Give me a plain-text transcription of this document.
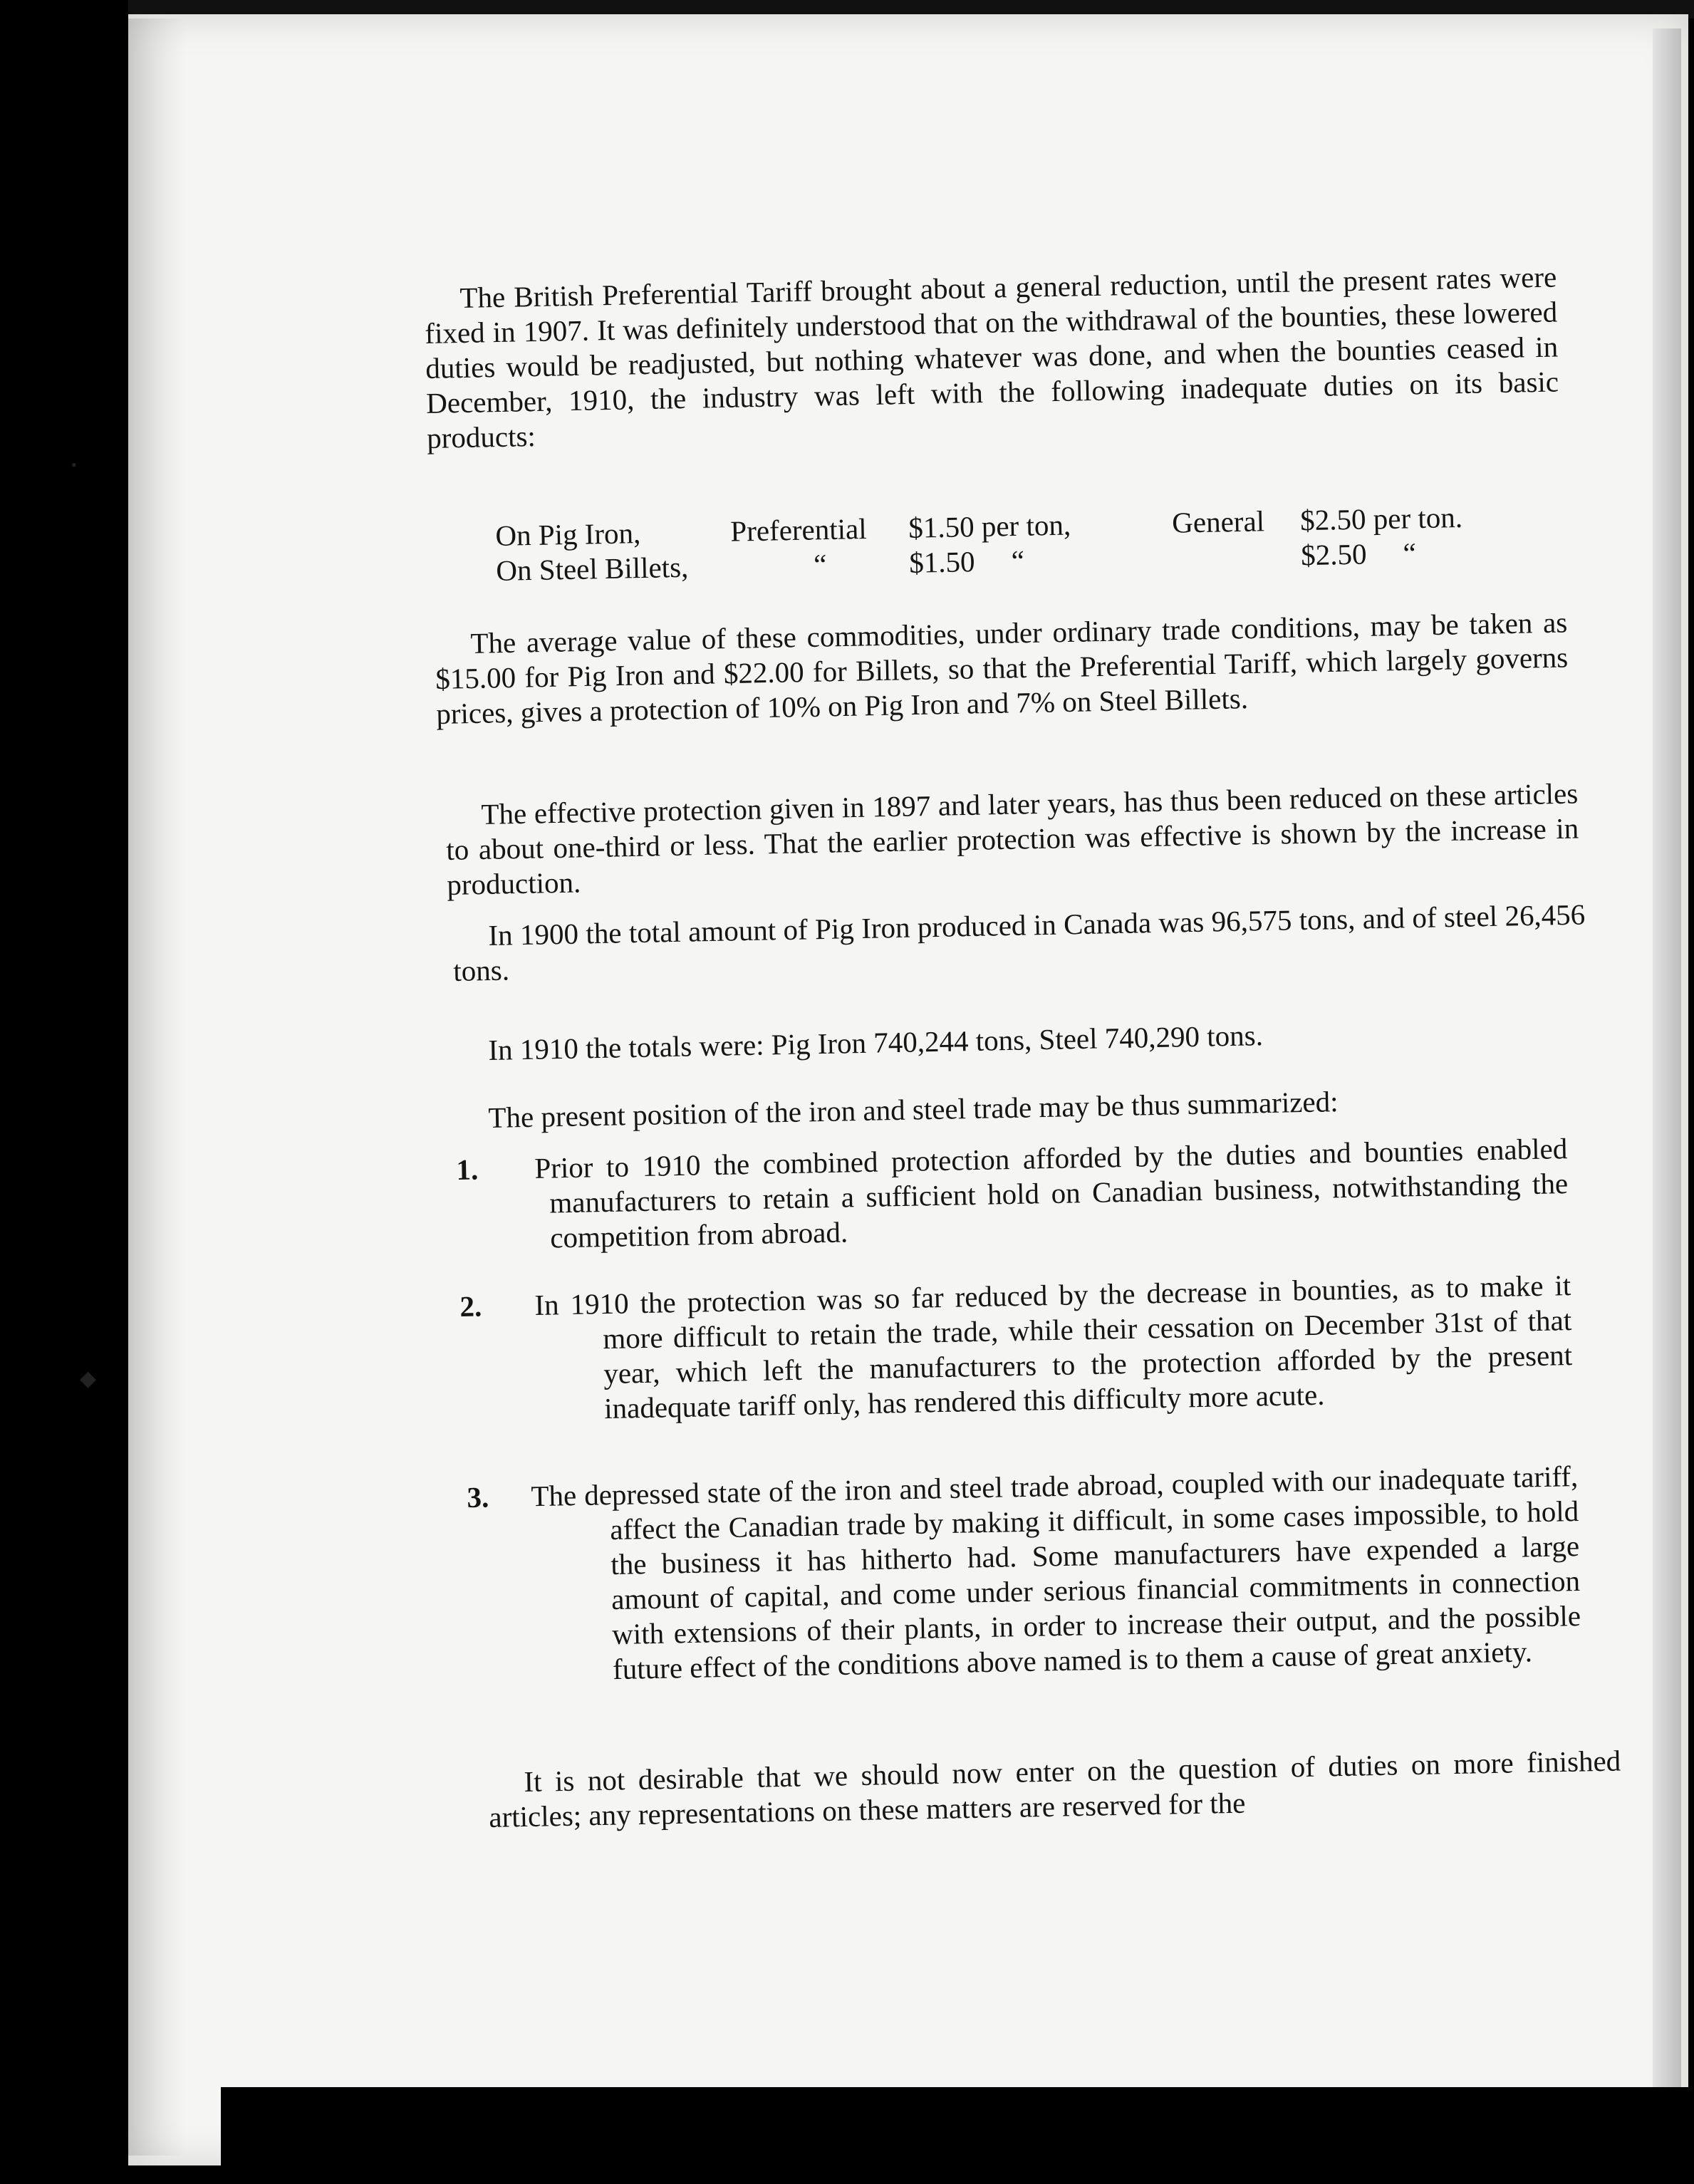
•
◆

The British Preferential Tariff brought about a general reduction, until the present rates were fixed in 1907. It was definitely understood that on the withdrawal of the bounties, these lowered duties would be readjusted, but nothing whatever was done, and when the bounties ceased in December, 1910, the industry was left with the following inadequate duties on its basic products:

On Pig Iron,	Preferential	$1.50 per ton,	General	$2.50 per ton.
On Steel Billets,	“	$1.50     “		$2.50     “

The average value of these commodities, under ordinary trade conditions, may be taken as $15.00 for Pig Iron and $22.00 for Billets, so that the Preferential Tariff, which largely governs prices, gives a protection of 10% on Pig Iron and 7% on Steel Billets.

The effective protection given in 1897 and later years, has thus been reduced on these articles to about one-third or less. That the earlier protection was effective is shown by the increase in production.

In 1900 the total amount of Pig Iron produced in Canada was 96,575 tons, and of steel 26,456 tons.

In 1910 the totals were: Pig Iron 740,244 tons, Steel 740,290 tons.

The present position of the iron and steel trade may be thus summarized:

1.	Prior to 1910 the combined protection afforded by the duties and bounties enabled manufacturers to retain a sufficient hold on Canadian business, notwithstanding the competition from abroad.

2.	In 1910 the protection was so far reduced by the decrease in bounties, as to make it more difficult to retain the trade, while their cessation on December 31st of that year, which left the manufacturers to the protection afforded by the present inadequate tariff only, has rendered this difficulty more acute.

3.	The depressed state of the iron and steel trade abroad, coupled with our inadequate tariff, affect the Canadian trade by making it difficult, in some cases impossible, to hold the business it has hitherto had. Some manufacturers have expended a large amount of capital, and come under serious financial commitments in connection with extensions of their plants, in order to increase their output, and the possible future effect of the conditions above named is to them a cause of great anxiety.

It is not desirable that we should now enter on the question of duties on more finished articles; any representations on these matters are reserved for the
